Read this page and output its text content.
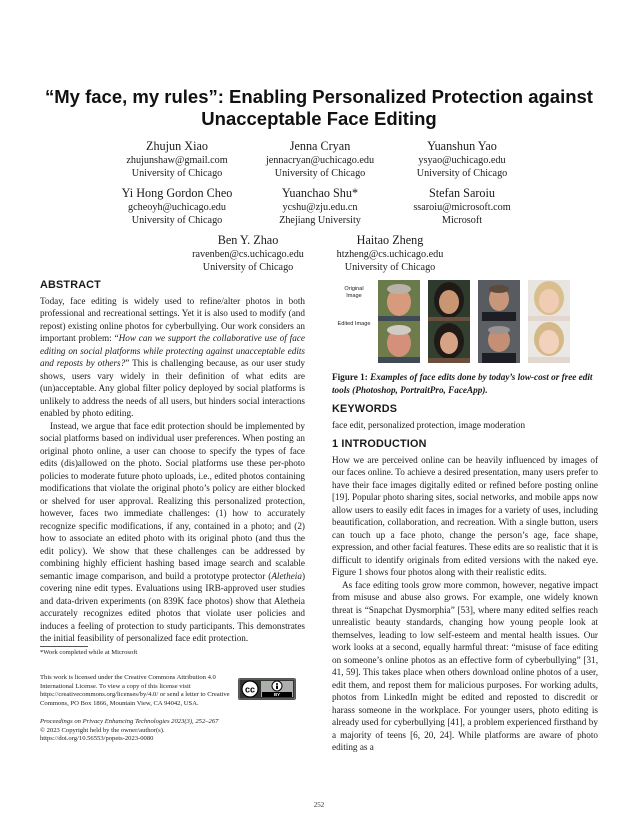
“My face, my rules”: Enabling Personalized Protection against Unacceptable Face Editing
Zhujun Xiao
zhujunshaw@gmail.com
University of Chicago
Jenna Cryan
jennacryan@uchicago.edu
University of Chicago
Yuanshun Yao
ysyao@uchicago.edu
University of Chicago
Yi Hong Gordon Cheo
gcheoyh@uchicago.edu
University of Chicago
Yuanchao Shu*
ycshu@zju.edu.cn
Zhejiang University
Stefan Saroiu
ssaroiu@microsoft.com
Microsoft
Ben Y. Zhao
ravenben@cs.uchicago.edu
University of Chicago
Haitao Zheng
htzheng@cs.uchicago.edu
University of Chicago
ABSTRACT

Today, face editing is widely used to refine/alter photos in both professional and recreational settings. Yet it is also used to modify (and repost) existing online photos for cyberbullying. Our work considers an important problem: “How can we support the collaborative use of face editing on social platforms while protecting against unacceptable edits and reposts by others?” This is challenging because, as our user study shows, users vary widely in their definition of what edits are (un)acceptable. Any global filter policy deployed by social platforms is unlikely to address the needs of all users, but hinders social interactions enabled by photo editing.

Instead, we argue that face edit protection should be implemented by social platforms based on individual user preferences. When posting an original photo online, a user can choose to specify the types of face edits (dis)allowed on the photo. Social platforms use these per-photo policies to moderate future photo uploads, i.e., edited photos containing modifications that violate the original photo’s policy are either blocked or shelved for user approval. Realizing this personalized protection, however, faces two immediate challenges: (1) how to accurately recognize specific modifications, if any, contained in a photo; and (2) how to associate an edited photo with its original photo (and thus the edit policy). We show that these challenges can be addressed by combining highly efficient hashing based image search and scalable semantic image comparison, and build a prototype protector (Aletheia) covering nine edit types. Evaluations using IRB-approved user studies and data-driven experiments (on 839K face photos) show that Aletheia accurately recognizes edited photos that violate user policies and induces a feeling of protection to study participants. This demonstrates the initial feasibility of personalized face edit protection.

*Work completed while at Microsoft
This work is licensed under the Creative Commons Attribution 4.0 International License. To view a copy of this license visit https://creativecommons.org/licenses/by/4.0/ or send a letter to Creative Commons, PO Box 1866, Mountain View, CA 94042, USA.
cc
BY
Proceedings on Privacy Enhancing Technologies 2023(3), 252–267
© 2023 Copyright held by the owner/author(s).
https://doi.org/10.56553/popets-2023-0080
Original Image
Edited Image
Figure 1: Examples of face edits done by today’s low-cost or free edit tools (Photoshop, PortraitPro, FaceApp).
KEYWORDS

face edit, personalized protection, image moderation

1 INTRODUCTION

How we are perceived online can be heavily influenced by images of our faces online. To achieve a desired presentation, many users prefer to have their face images digitally edited or refined before posting online [19]. Popular photo sharing sites, social networks, and mobile apps now allow users to easily edit faces in images for a variety of uses, including beautification, collaboration, and recreation. With a single button, users can touch up a face photo, change the person’s age, face shape, expression, and other facial features. These edits are so realistic that it is difficult to identify originals from edited versions with the naked eye. Figure 1 shows four photos along with their realistic edits.

As face editing tools grow more common, however, negative impact from misuse and abuse also grows. For example, one widely known threat is “Snapchat Dysmorphia” [53], where many edited selfies reach unrealistic beauty standards, changing how young people look at themselves, leading to low self-esteem and mental health issues. Our work looks at a second, equally harmful threat: “misuse of face editing on someone’s online photos as an effective form of cyberbullying” [31, 41, 59]. This takes place when others download online photos of a user, edit them, and repost them for malicious purposes. For working adults, photos from LinkedIn might be edited and reposted to discredit or harass someone in the workplace. For younger users, photo editing is already used for cyberbullying [41], a problem experienced firsthand by a majority of teens [6, 20, 24]. While platforms are aware of photo editing as a

252
